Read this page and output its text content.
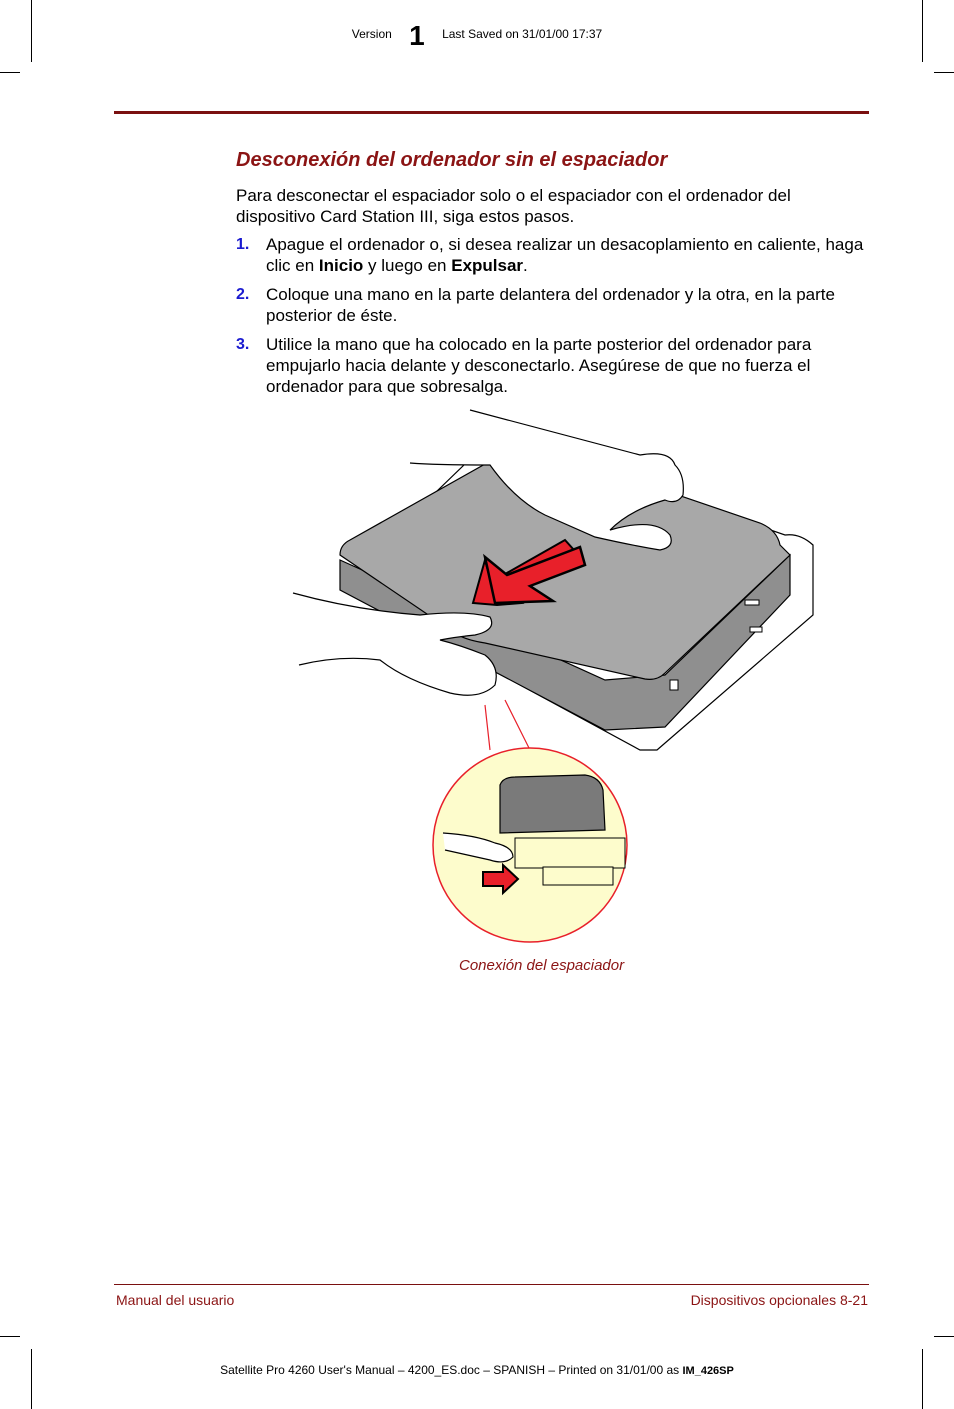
Version 1 Last Saved on 31/01/00 17:37
Desconexión del ordenador sin el espaciador

Para desconectar el espaciador solo o el espaciador con el ordenador del dispositivo Card Station III, siga estos pasos.

1. Apague el ordenador o, si desea realizar un desacoplamiento en caliente, haga clic en Inicio y luego en Expulsar.
2. Coloque una mano en la parte delantera del ordenador y la otra, en la parte posterior de éste.
3. Utilice la mano que ha colocado en la parte posterior del ordenador para empujarlo hacia delante y desconectarlo. Asegúrese de que no fuerza el ordenador para que sobresalga.
Conexión del espaciador
Manual del usuario	Dispositivos opcionales 8-21
Satellite Pro 4260 User's Manual – 4200_ES.doc – SPANISH – Printed on 31/01/00 as IM_426SP
